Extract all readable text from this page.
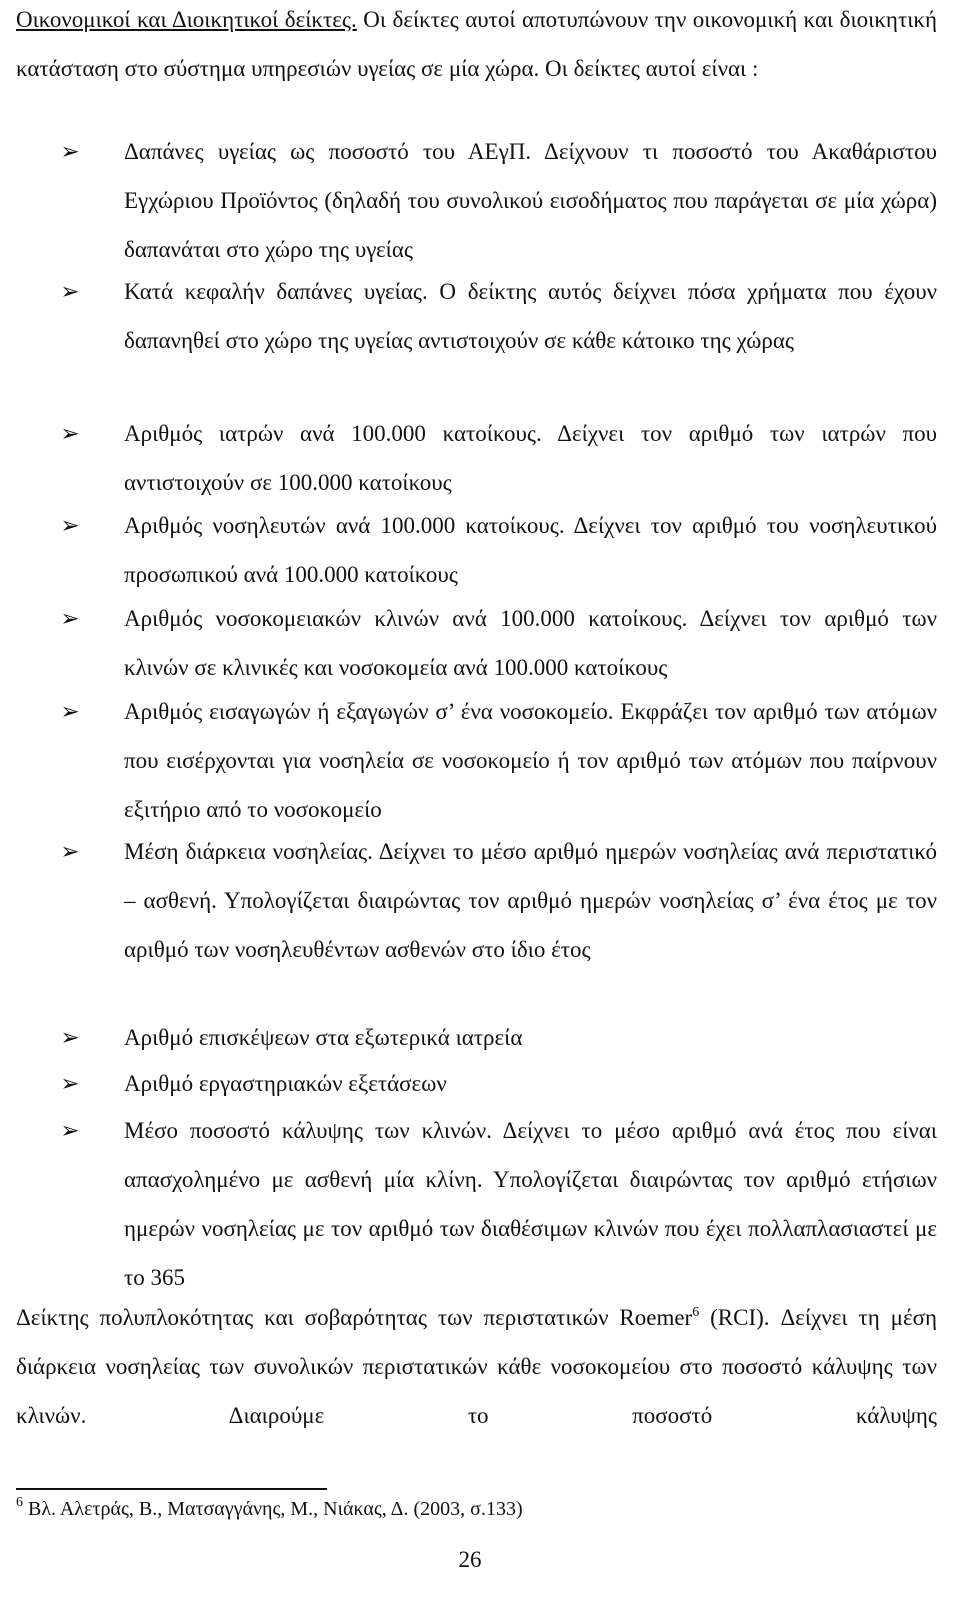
Οικονομικοί και Διοικητικοί δείκτες. Οι δείκτες αυτοί αποτυπώνουν την οικονομική και διοικητική κατάσταση στο σύστημα υπηρεσιών υγείας σε μία χώρα. Οι δείκτες αυτοί είναι :
➢	Δαπάνες υγείας ως ποσοστό του ΑΕγΠ. Δείχνουν τι ποσοστό του Ακαθάριστου Εγχώριου Προϊόντος (δηλαδή του συνολικού εισοδήματος που παράγεται σε μία χώρα) δαπανάται στο χώρο της υγείας
➢	Κατά κεφαλήν δαπάνες υγείας. Ο δείκτης αυτός δείχνει πόσα χρήματα που έχουν δαπανηθεί στο χώρο της υγείας αντιστοιχούν σε κάθε κάτοικο της χώρας
➢	Αριθμός ιατρών ανά 100.000 κατοίκους. Δείχνει τον αριθμό των ιατρών που αντιστοιχούν σε 100.000 κατοίκους
➢	Αριθμός νοσηλευτών ανά 100.000 κατοίκους. Δείχνει τον αριθμό του νοσηλευτικού προσωπικού ανά 100.000 κατοίκους
➢	Αριθμός νοσοκομειακών κλινών ανά 100.000 κατοίκους. Δείχνει τον αριθμό των κλινών σε κλινικές και νοσοκομεία ανά 100.000 κατοίκους
➢	Αριθμός εισαγωγών ή εξαγωγών σ’ ένα νοσοκομείο. Εκφράζει τον αριθμό των ατόμων που εισέρχονται για νοσηλεία σε νοσοκομείο ή τον αριθμό των ατόμων που παίρνουν εξιτήριο από το νοσοκομείο
➢	Μέση διάρκεια νοσηλείας. Δείχνει το μέσο αριθμό ημερών νοσηλείας ανά περιστατικό – ασθενή. Υπολογίζεται διαιρώντας τον αριθμό ημερών νοσηλείας σ’ ένα έτος με τον αριθμό των νοσηλευθέντων ασθενών στο ίδιο έτος
➢	Αριθμό επισκέψεων στα εξωτερικά ιατρεία
➢	Αριθμό εργαστηριακών εξετάσεων
➢	Μέσο ποσοστό κάλυψης των κλινών. Δείχνει το μέσο αριθμό ανά έτος που είναι απασχολημένο με ασθενή μία κλίνη. Υπολογίζεται διαιρώντας τον αριθμό ετήσιων ημερών νοσηλείας με τον αριθμό των διαθέσιμων κλινών που έχει πολλαπλασιαστεί με το 365
Δείκτης πολυπλοκότητας και σοβαρότητας των περιστατικών Roemer$^6$ (RCI). Δείχνει τη μέση διάρκεια νοσηλείας των συνολικών περιστατικών κάθε νοσοκομείου στο ποσοστό κάλυψης των κλινών. Διαιρούμε το ποσοστό κάλυψης
$^6$ Βλ. Αλετράς, Β., Ματσαγγάνης, Μ., Νιάκας, Δ. (2003, σ.133)
26
